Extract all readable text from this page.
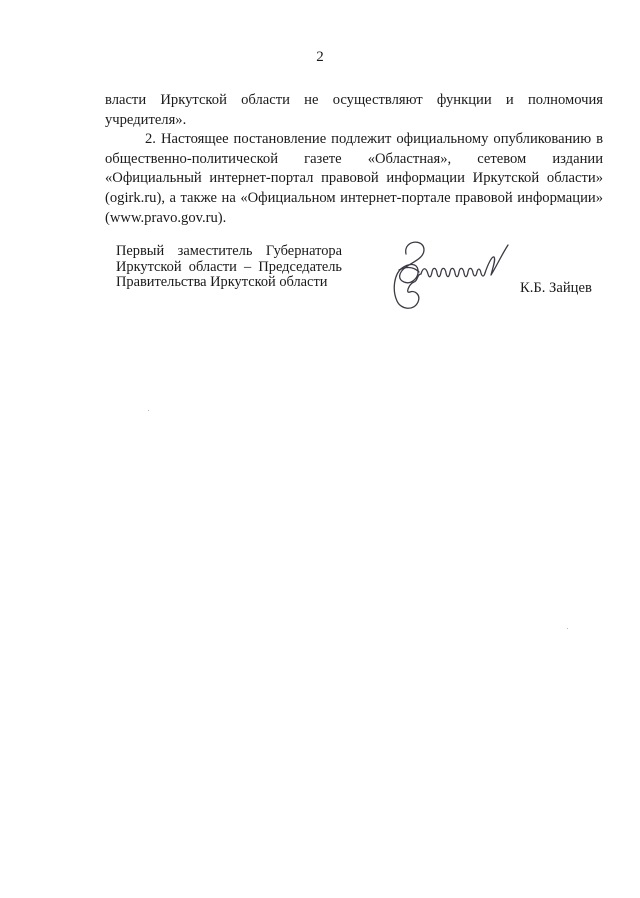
2

власти Иркутской области не осуществляют функции и полномочия учредителя».

2. Настоящее постановление подлежит официальному опубликованию в общественно-политической газете «Областная», сетевом издании «Официальный интернет-портал правовой информации Иркутской области» (ogirk.ru), а также на «Официальном интернет-портале правовой информации» (www.pravo.gov.ru).

Первый заместитель Губернатора
Иркутской области – Председатель
Правительства Иркутской области	К.Б. Зайцев
